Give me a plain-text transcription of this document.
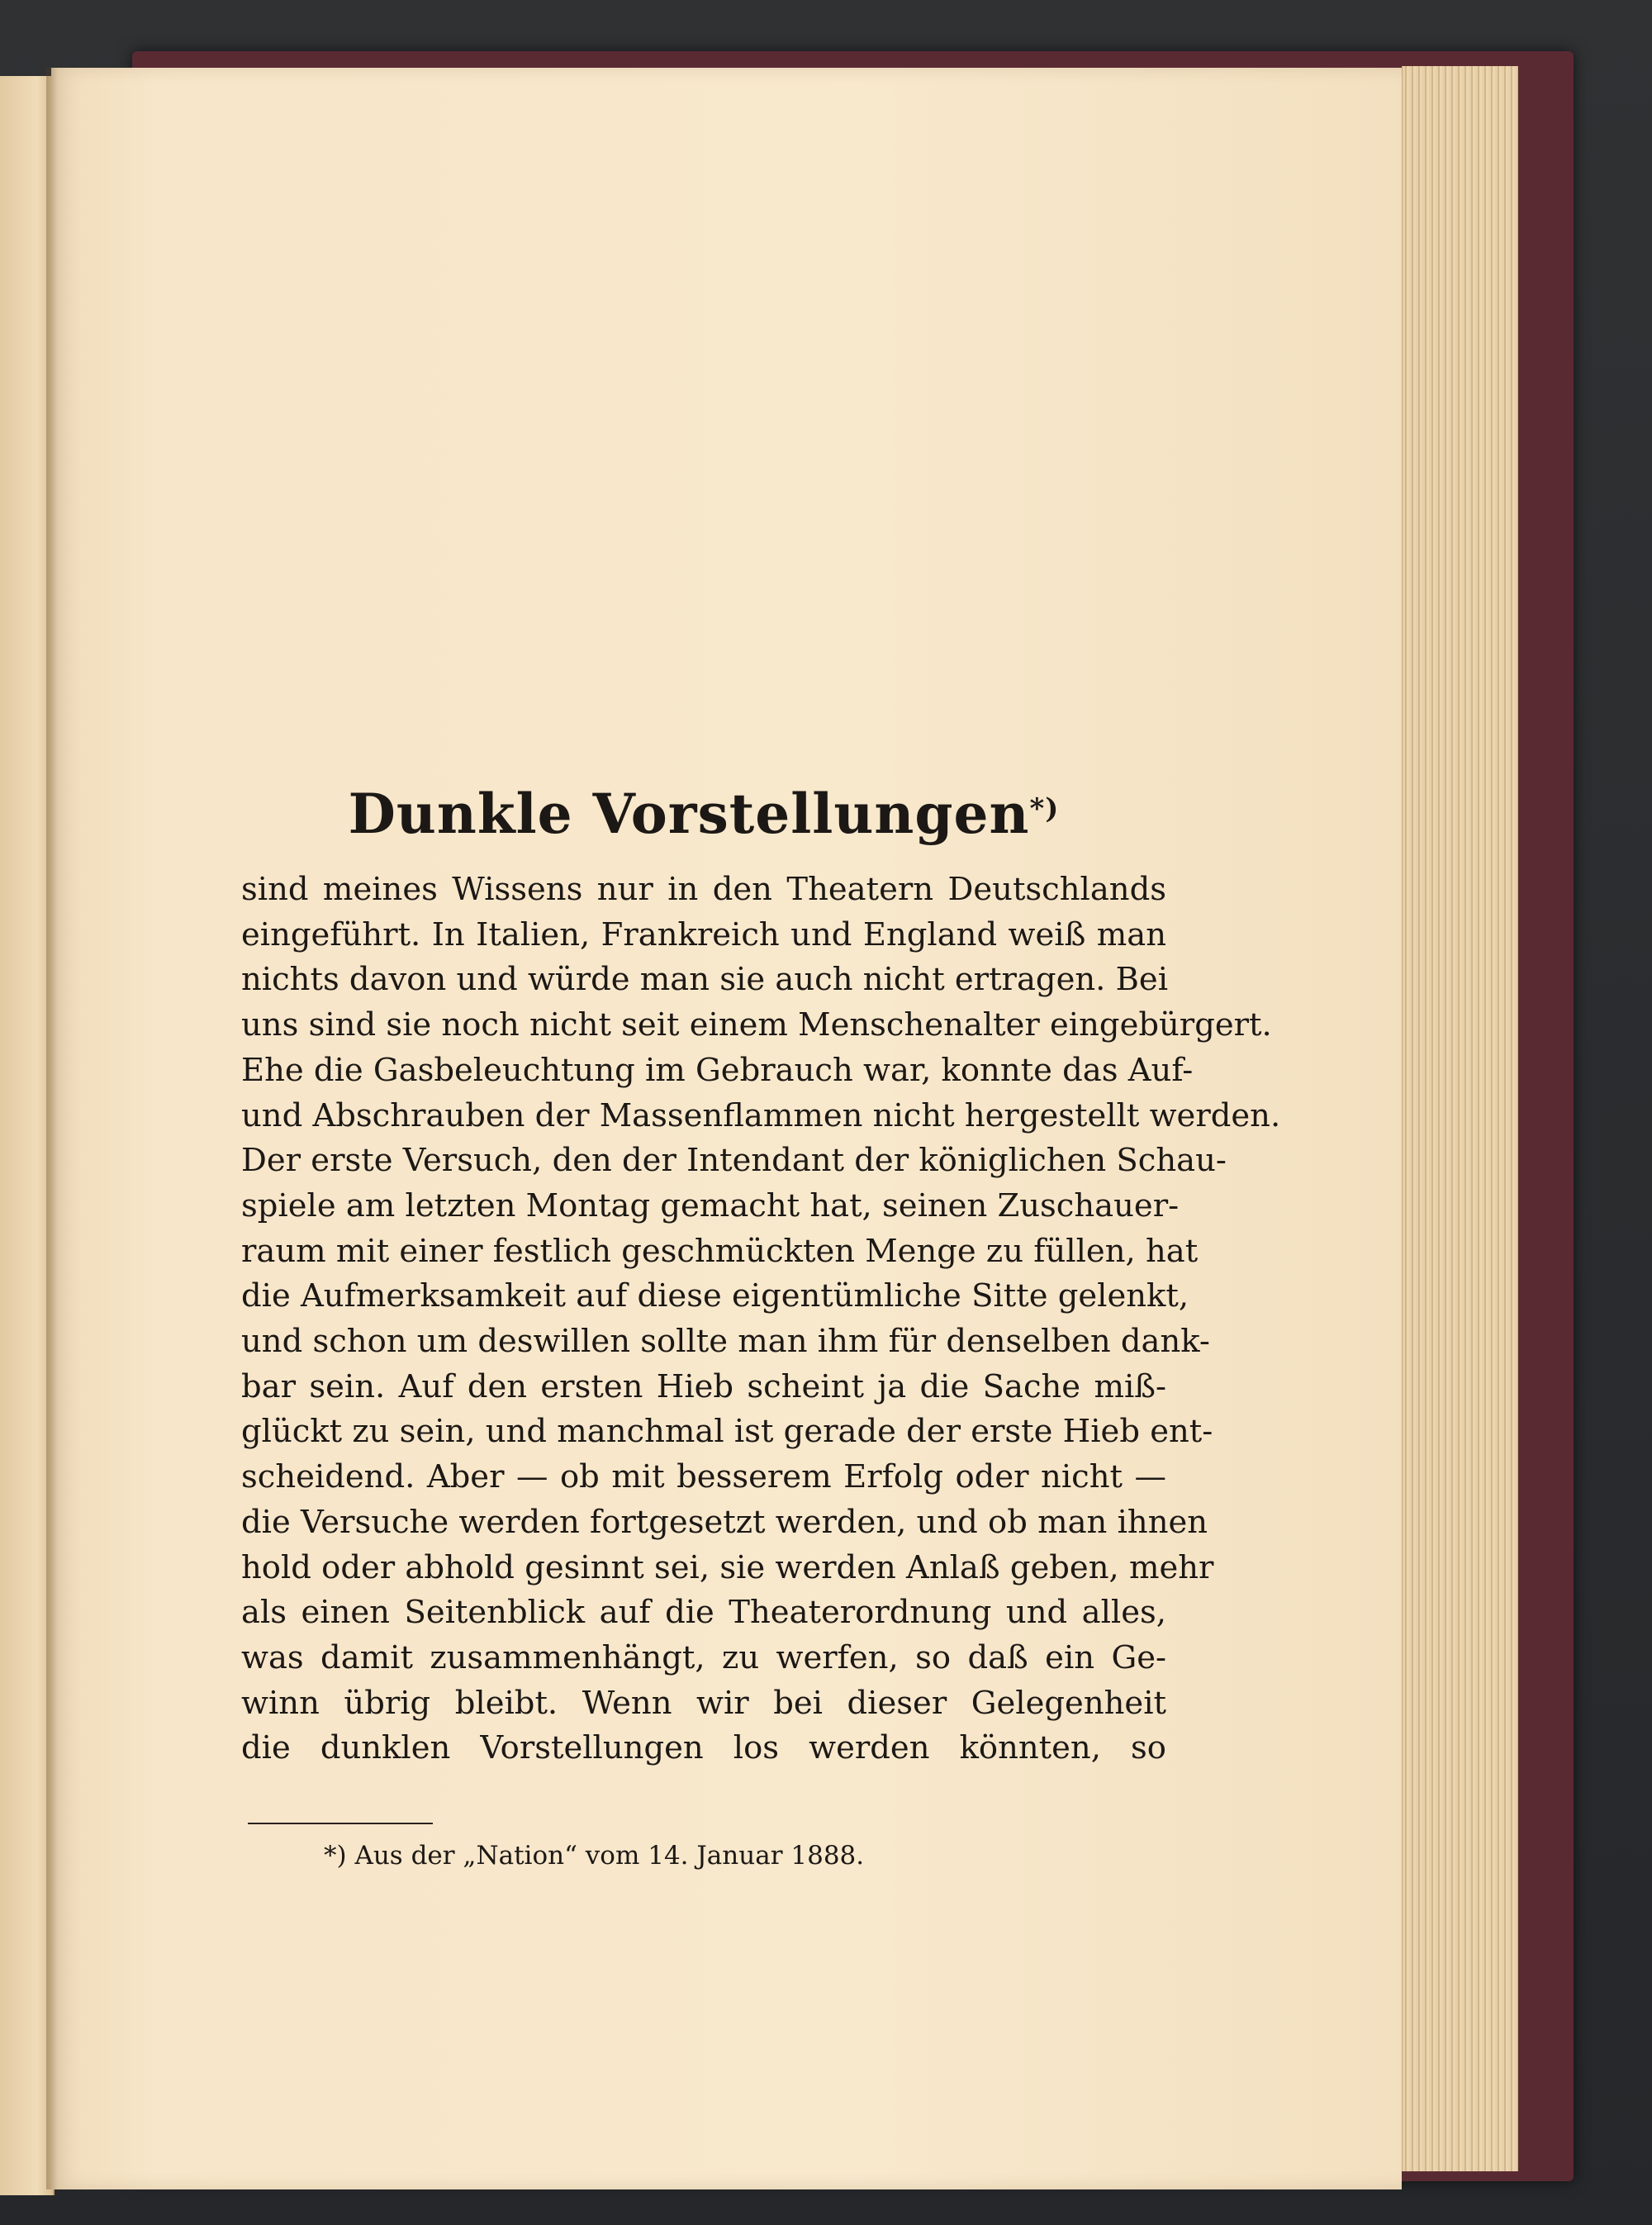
Dunkle Vorstellungen*)
sind meines Wissens nur in den Theatern Deutschlands
eingeführt. In Italien, Frankreich und England weiß man
nichts davon und würde man sie auch nicht ertragen. Bei
uns sind sie noch nicht seit einem Menschenalter eingebürgert.
Ehe die Gasbeleuchtung im Gebrauch war, konnte das Auf-
und Abschrauben der Massenflammen nicht hergestellt werden.
Der erste Versuch, den der Intendant der königlichen Schau-
spiele am letzten Montag gemacht hat, seinen Zuschauer-
raum mit einer festlich geschmückten Menge zu füllen, hat
die Aufmerksamkeit auf diese eigentümliche Sitte gelenkt,
und schon um deswillen sollte man ihm für denselben dank-
bar sein. Auf den ersten Hieb scheint ja die Sache miß-
glückt zu sein, und manchmal ist gerade der erste Hieb ent-
scheidend. Aber — ob mit besserem Erfolg oder nicht —
die Versuche werden fortgesetzt werden, und ob man ihnen
hold oder abhold gesinnt sei, sie werden Anlaß geben, mehr
als einen Seitenblick auf die Theaterordnung und alles,
was damit zusammenhängt, zu werfen, so daß ein Ge-
winn übrig bleibt. Wenn wir bei dieser Gelegenheit
die dunklen Vorstellungen los werden könnten, so
*) Aus der „Nation“ vom 14. Januar 1888.
